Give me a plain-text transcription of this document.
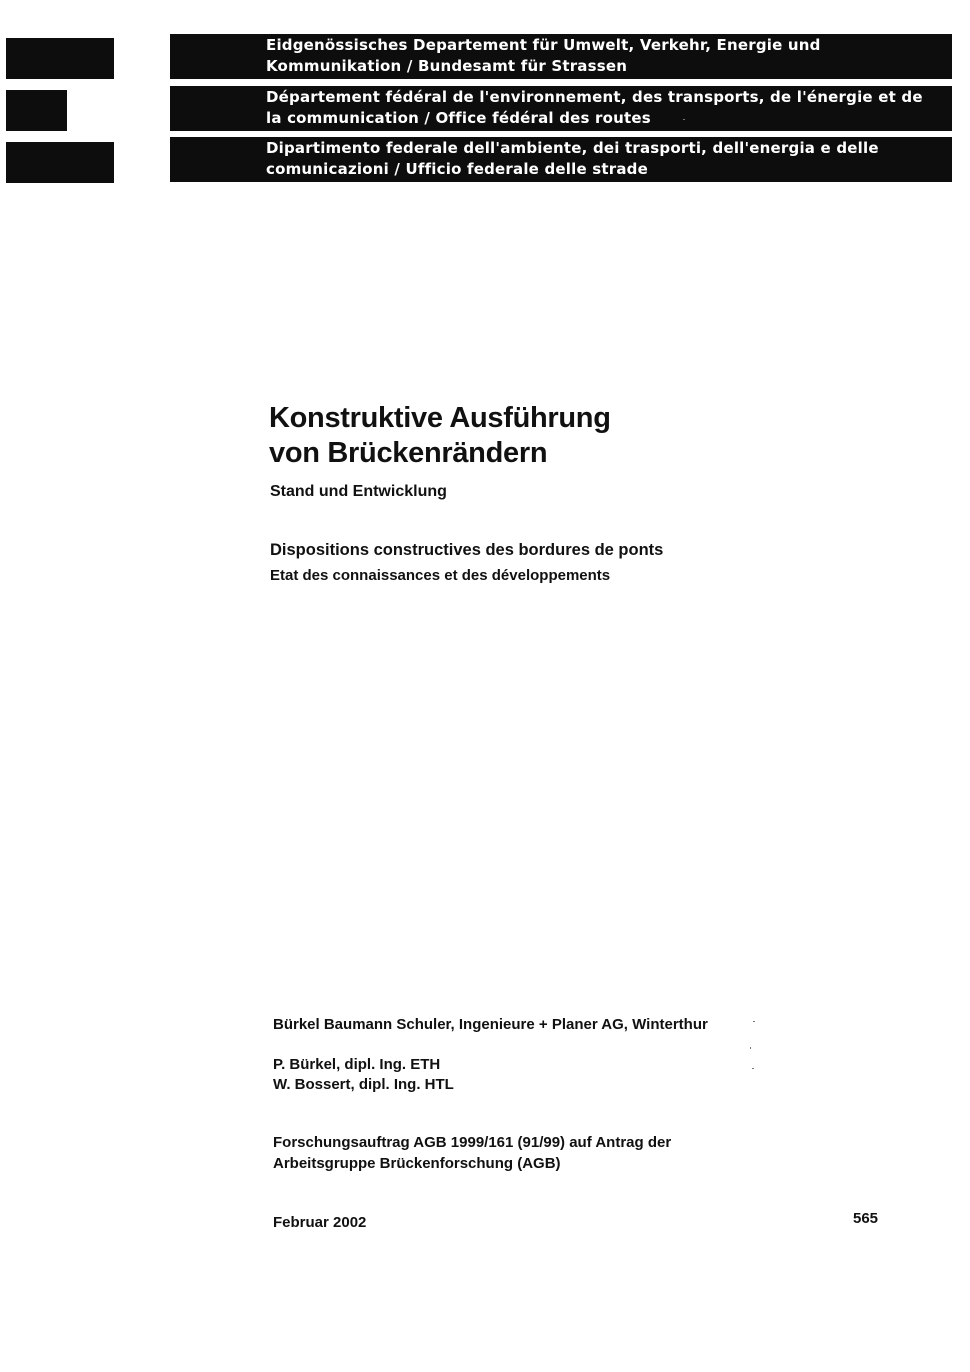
Eidgenössisches Departement für Umwelt, Verkehr, Energie und
Kommunikation / Bundesamt für Strassen
Département fédéral de l'environnement, des transports, de l'énergie et de
la communication / Office fédéral des routes
Dipartimento federale dell'ambiente, dei trasporti, dell'energia e delle
comunicazioni / Ufficio federale delle strade
Konstruktive Ausführung
von Brückenrändern
Stand und Entwicklung
Dispositions constructives des bordures de ponts
Etat des connaissances et des développements
Bürkel Baumann Schuler, Ingenieure + Planer AG, Winterthur
P. Bürkel, dipl. Ing. ETH
W. Bossert, dipl. Ing. HTL
Forschungsauftrag AGB 1999/161 (91/99) auf Antrag der
Arbeitsgruppe Brückenforschung (AGB)
Februar 2002	565
